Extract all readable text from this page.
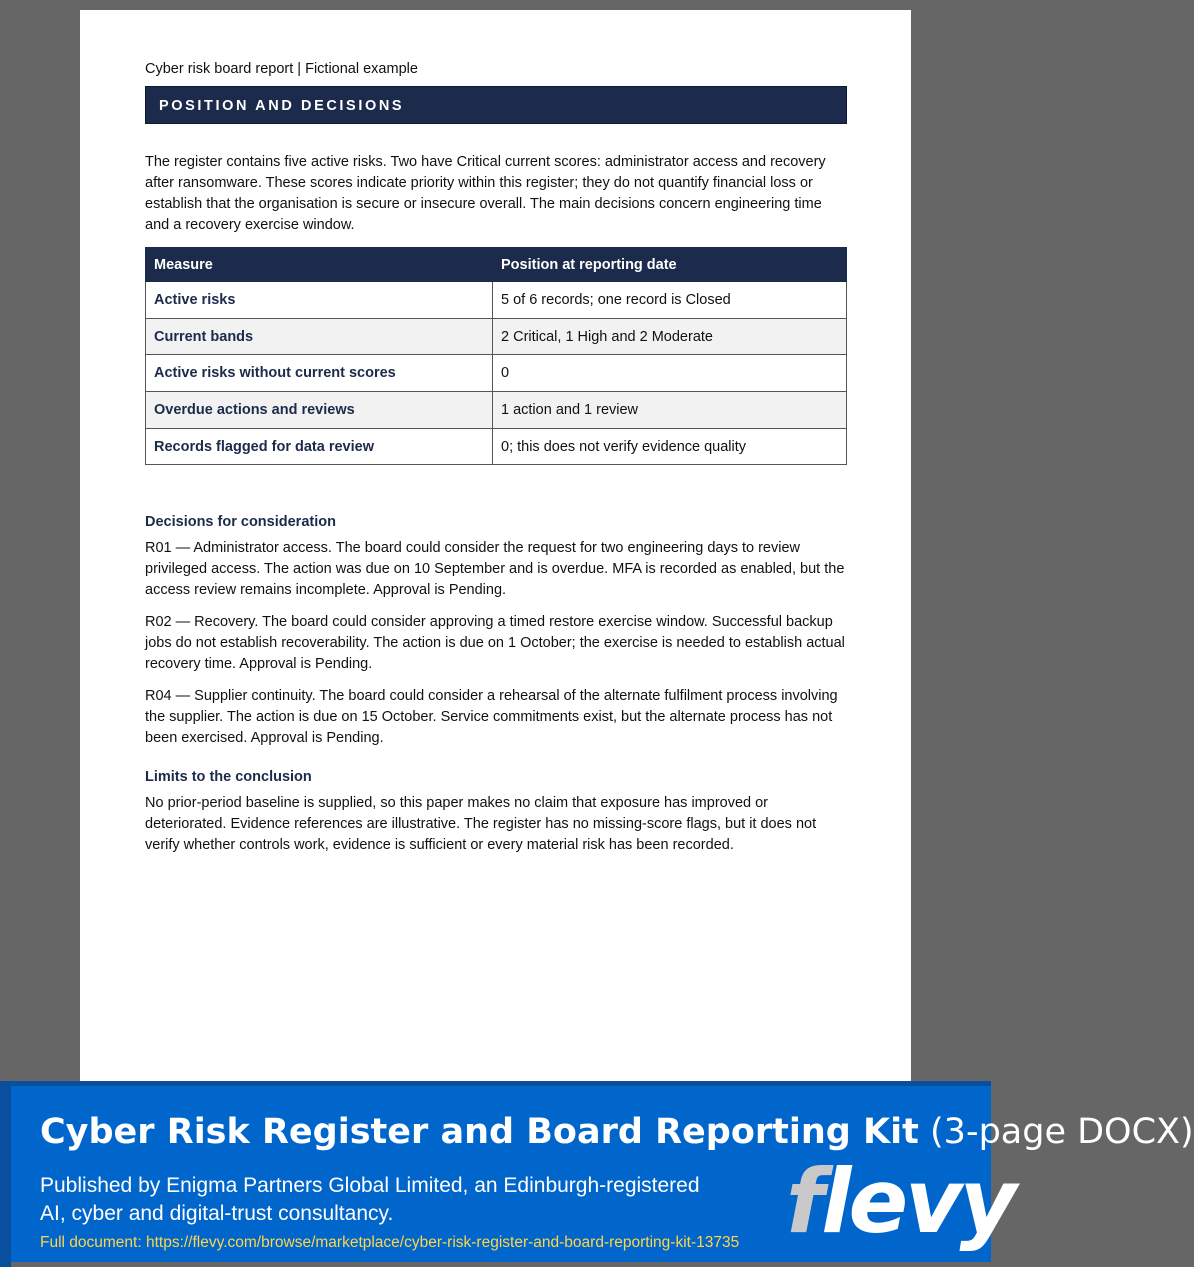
Cyber risk board report | Fictional example
POSITION AND DECISIONS

The register contains five active risks. Two have Critical current scores: administrator access and recovery after ransomware. These scores indicate priority within this register; they do not quantify financial loss or establish that the organisation is secure or insecure overall. The main decisions concern engineering time and a recovery exercise window.

Measure	Position at reporting date
Active risks	5 of 6 records; one record is Closed
Current bands	2 Critical, 1 High and 2 Moderate
Active risks without current scores	0
Overdue actions and reviews	1 action and 1 review
Records flagged for data review	0; this does not verify evidence quality
Decisions for consideration

R01 — Administrator access. The board could consider the request for two engineering days to review privileged access. The action was due on 10 September and is overdue. MFA is recorded as enabled, but the access review remains incomplete. Approval is Pending.

R02 — Recovery. The board could consider approving a timed restore exercise window. Successful backup jobs do not establish recoverability. The action is due on 1 October; the exercise is needed to establish actual recovery time. Approval is Pending.

R04 — Supplier continuity. The board could consider a rehearsal of the alternate fulfilment process involving the supplier. The action is due on 15 October. Service commitments exist, but the alternate process has not been exercised. Approval is Pending.

Limits to the conclusion

No prior-period baseline is supplied, so this paper makes no claim that exposure has improved or deteriorated. Evidence references are illustrative. The register has no missing-score flags, but it does not verify whether controls work, evidence is sufficient or every material risk has been recorded.

Cyber Risk Register and Board Reporting Kit (3-page DOCX)
Published by Enigma Partners Global Limited, an Edinburgh-registered AI, cyber and digital-trust consultancy.
Full document: https://flevy.com/browse/marketplace/cyber-risk-register-and-board-reporting-kit-13735 flevy
